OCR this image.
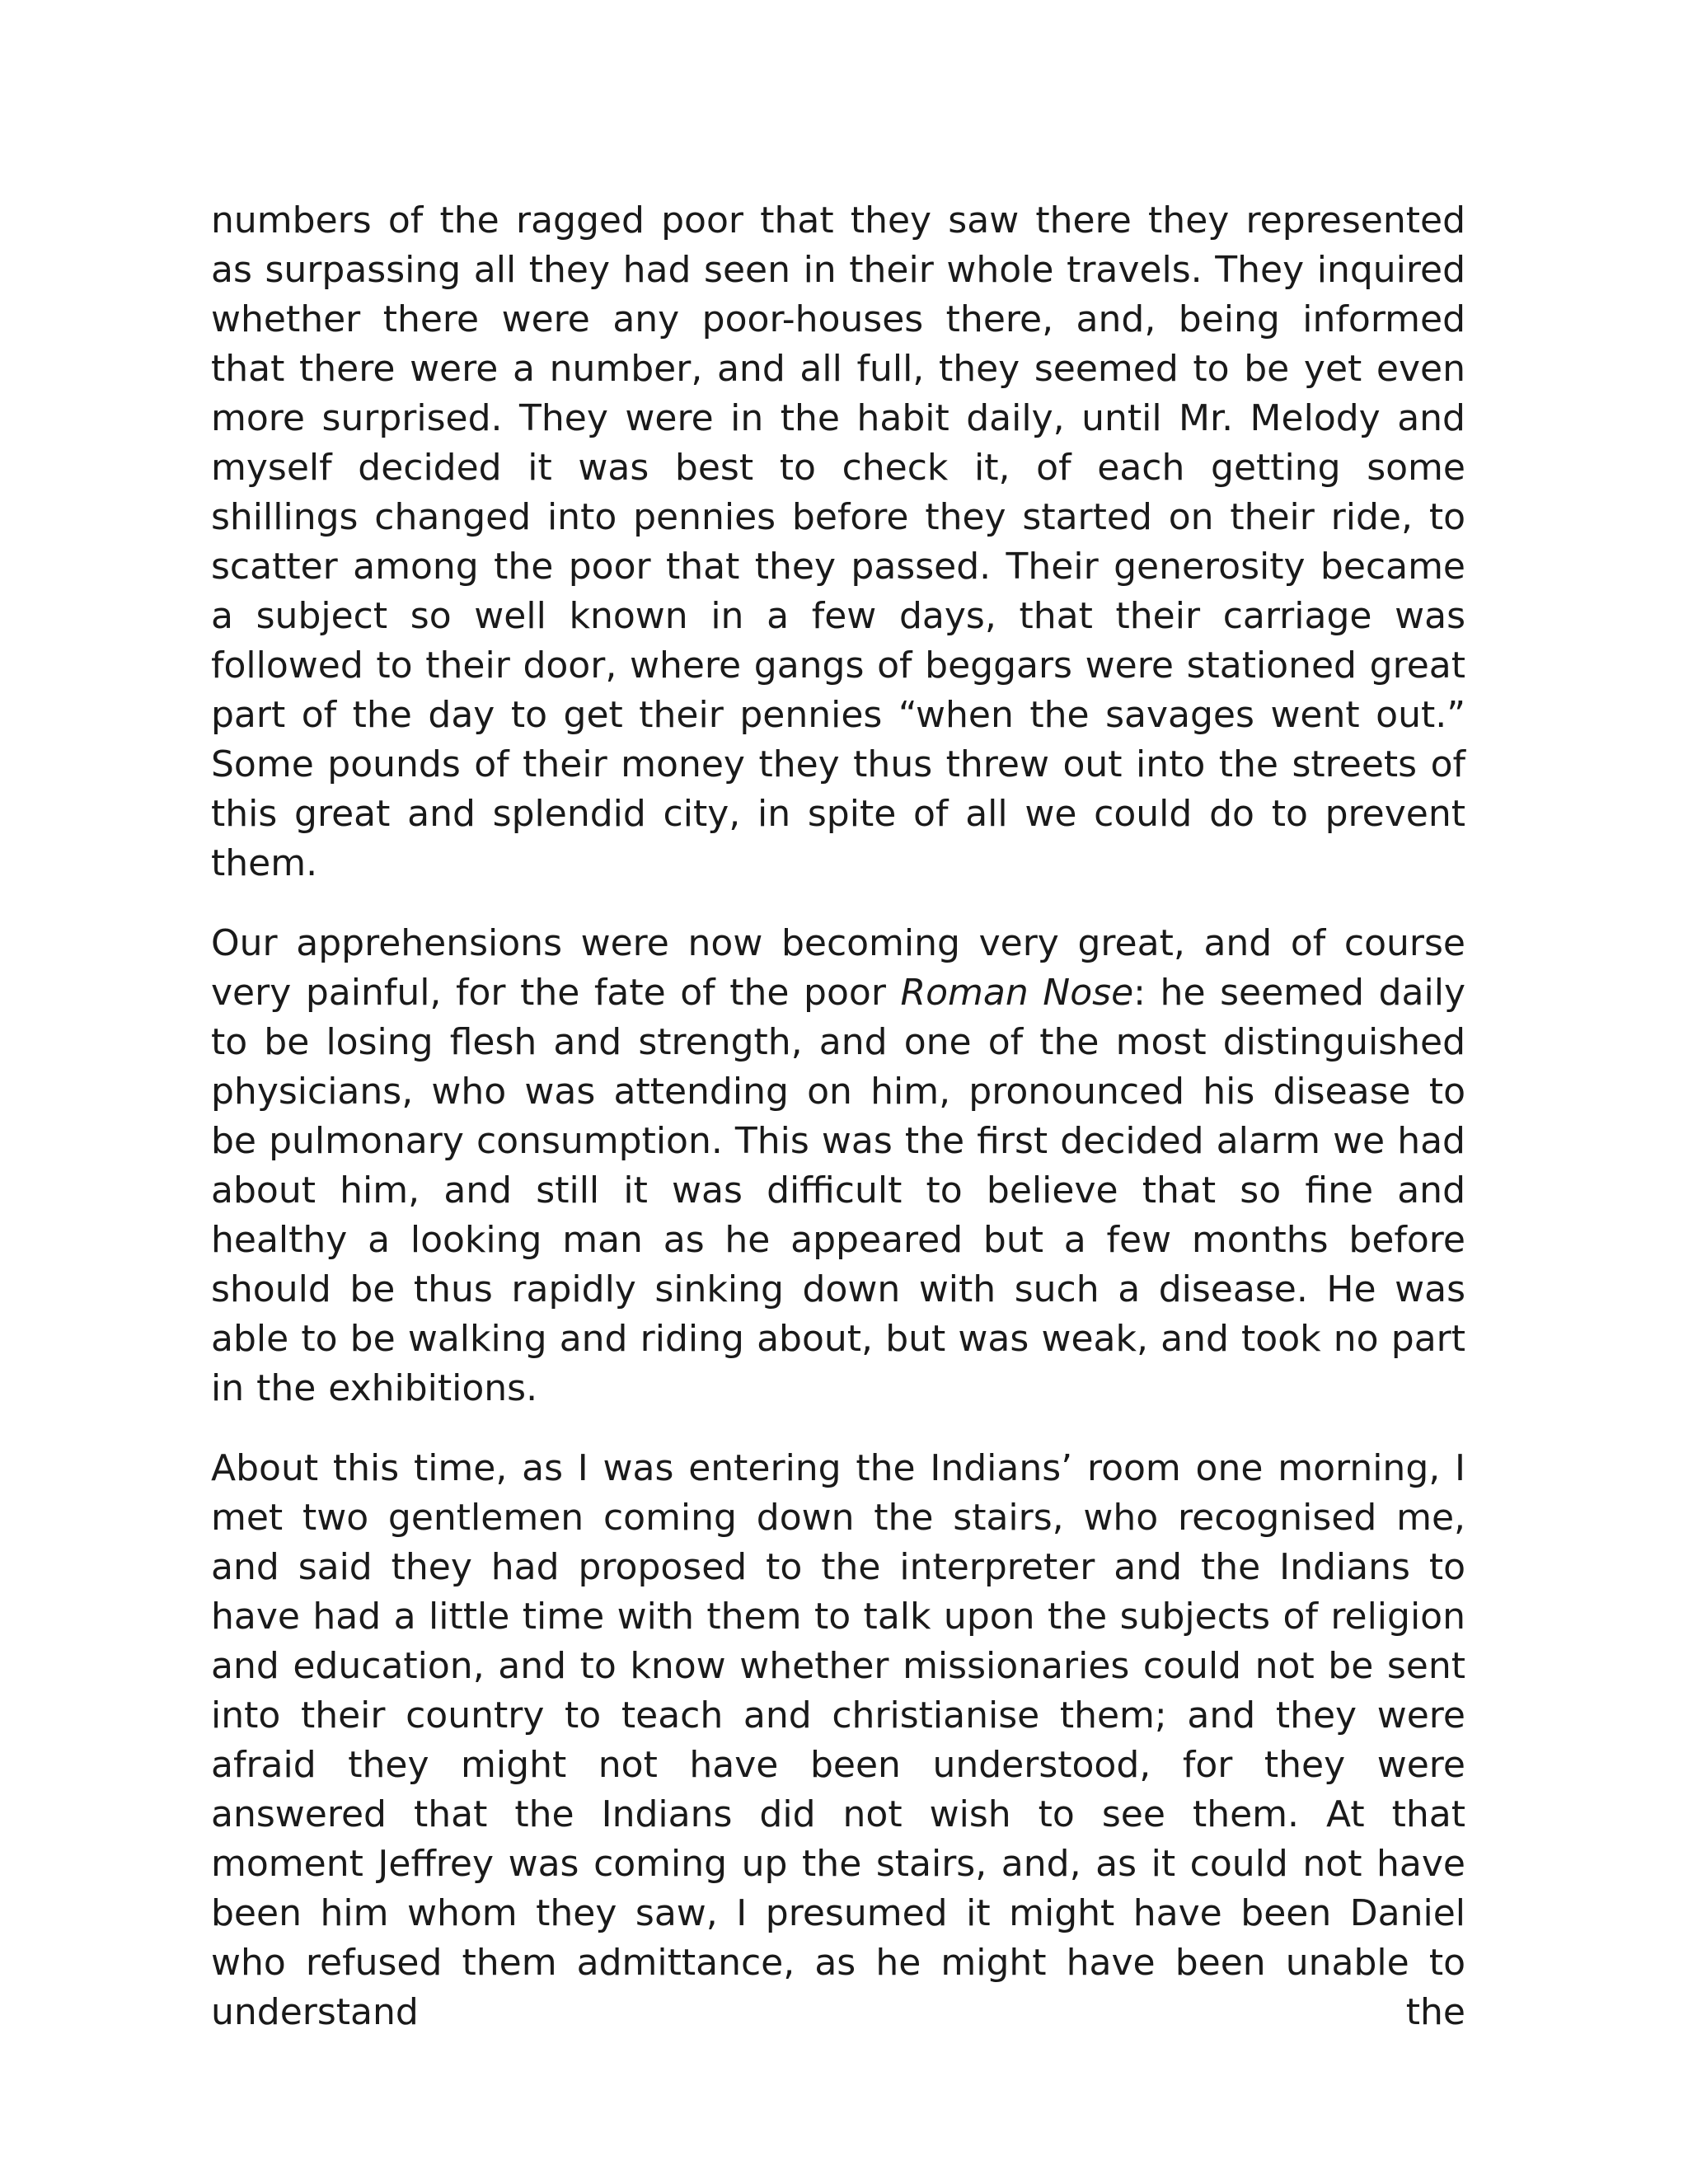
numbers of the ragged poor that they saw there they represented as surpassing all they had seen in their whole travels. They inquired whether there were any poor-houses there, and, being informed that there were a number, and all full, they seemed to be yet even more surprised. They were in the habit daily, until Mr. Melody and myself decided it was best to check it, of each getting some shillings changed into pennies before they started on their ride, to scatter among the poor that they passed. Their generosity became a subject so well known in a few days, that their carriage was followed to their door, where gangs of beggars were stationed great part of the day to get their pennies “when the savages went out.” Some pounds of their money they thus threw out into the streets of this great and splendid city, in spite of all we could do to prevent them.

Our apprehensions were now becoming very great, and of course very painful, for the fate of the poor Roman Nose: he seemed daily to be losing flesh and strength, and one of the most distinguished physicians, who was attending on him, pronounced his disease to be pulmonary consumption. This was the first decided alarm we had about him, and still it was difficult to believe that so fine and healthy a looking man as he appeared but a few months before should be thus rapidly sinking down with such a disease. He was able to be walking and riding about, but was weak, and took no part in the exhibitions.

About this time, as I was entering the Indians’ room one morning, I met two gentlemen coming down the stairs, who recognised me, and said they had proposed to the interpreter and the Indians to have had a little time with them to talk upon the subjects of religion and education, and to know whether missionaries could not be sent into their country to teach and christianise them; and they were afraid they might not have been understood, for they were answered that the Indians did not wish to see them. At that moment Jeffrey was coming up the stairs, and, as it could not have been him whom they saw, I presumed it might have been Daniel who refused them admittance, as he might have been unable to understand the
